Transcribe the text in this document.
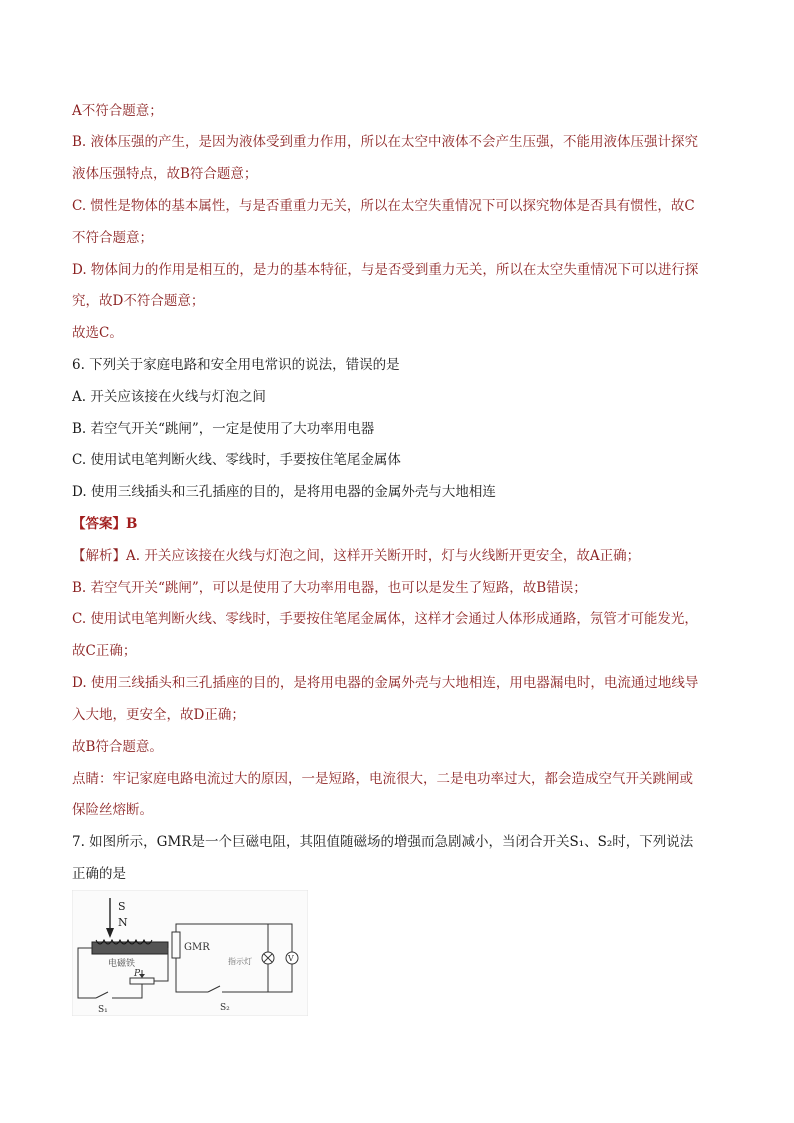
A不符合题意；
B. 液体压强的产生，是因为液体受到重力作用，所以在太空中液体不会产生压强，不能用液体压强计探究
液体压强特点，故B符合题意；
C. 惯性是物体的基本属性，与是否重重力无关，所以在太空失重情况下可以探究物体是否具有惯性，故C
不符合题意；
D. 物体间力的作用是相互的，是力的基本特征，与是否受到重力无关，所以在太空失重情况下可以进行探
究，故D不符合题意；
故选C。
6. 下列关于家庭电路和安全用电常识的说法，错误的是
A. 开关应该接在火线与灯泡之间
B. 若空气开关“跳闸”，一定是使用了大功率用电器
C. 使用试电笔判断火线、零线时，手要按住笔尾金属体
D. 使用三线插头和三孔插座的目的，是将用电器的金属外壳与大地相连
【答案】B
【解析】A. 开关应该接在火线与灯泡之间，这样开关断开时，灯与火线断开更安全，故A正确；
B. 若空气开关“跳闸”，可以是使用了大功率用电器，也可以是发生了短路，故B错误；
C. 使用试电笔判断火线、零线时，手要按住笔尾金属体，这样才会通过人体形成通路，氖管才可能发光，
故C正确；
D. 使用三线插头和三孔插座的目的，是将用电器的金属外壳与大地相连，用电器漏电时，电流通过地线导
入大地，更安全，故D正确；
故B符合题意。
点睛：牢记家庭电路电流过大的原因，一是短路，电流很大，二是电功率过大，都会造成空气开关跳闸或
保险丝熔断。
7. 如图所示，GMR是一个巨磁电阻，其阻值随磁场的增强而急剧减小，当闭合开关S₁、S₂时，下列说法
正确的是
S
N
电磁铁
P
S₁
GMR
S₂
指示灯	V
